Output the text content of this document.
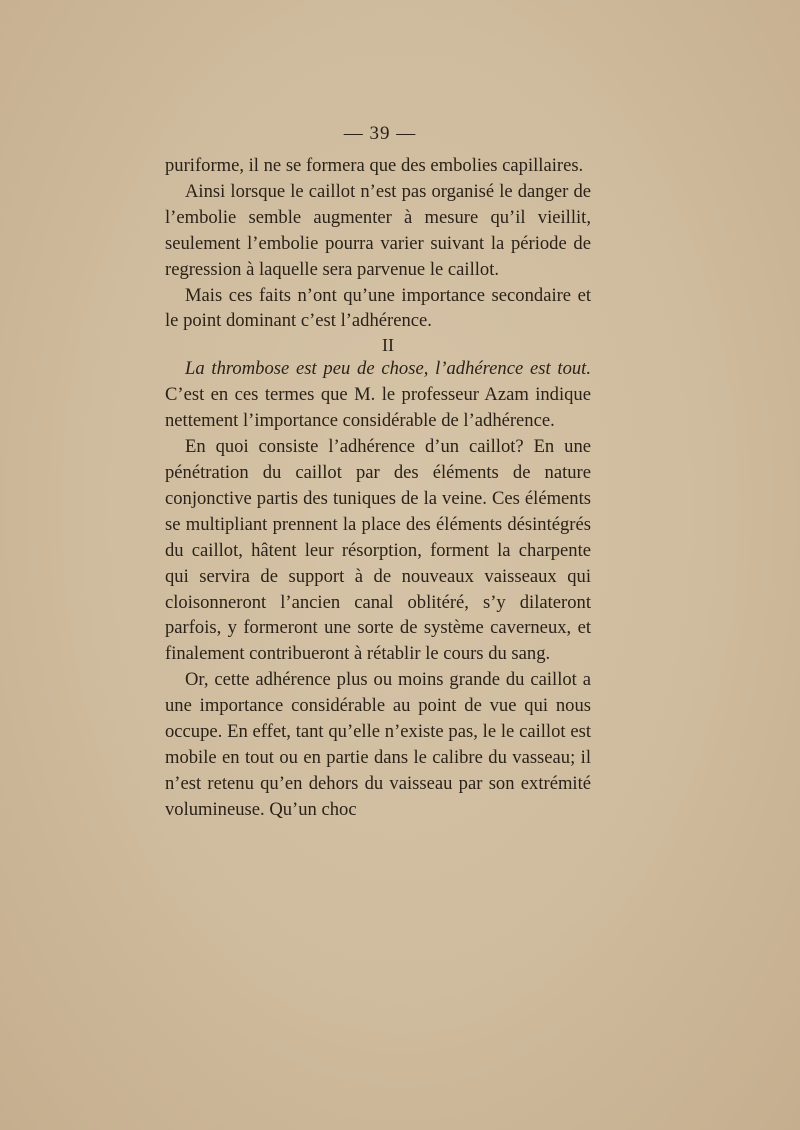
— 39 —

puriforme, il ne se formera que des embolies capillaires.

Ainsi lorsque le caillot n’est pas organisé le danger de l’embolie semble augmenter à mesure qu’il vieillit, seulement l’embolie pourra varier suivant la période de regression à laquelle sera parvenue le caillot.

Mais ces faits n’ont qu’une importance secondaire et le point dominant c’est l’adhérence.

II

La thrombose est peu de chose, l’adhérence est tout. C’est en ces termes que M. le professeur Azam indique nettement l’importance considérable de l’adhérence.

En quoi consiste l’adhérence d’un caillot? En une pénétration du caillot par des éléments de nature conjonctive partis des tuniques de la veine. Ces éléments se multipliant prennent la place des éléments désintégrés du caillot, hâtent leur résorption, forment la charpente qui servira de support à de nouveaux vaisseaux qui cloisonneront l’ancien canal oblitéré, s’y dilateront parfois, y formeront une sorte de système caverneux, et finalement contribueront à rétablir le cours du sang.

Or, cette adhérence plus ou moins grande du caillot a une importance considérable au point de vue qui nous occupe. En effet, tant qu’elle n’existe pas, le le caillot est mobile en tout ou en partie dans le calibre du vasseau; il n’est retenu qu’en dehors du vaisseau par son extrémité volumineuse. Qu’un choc
